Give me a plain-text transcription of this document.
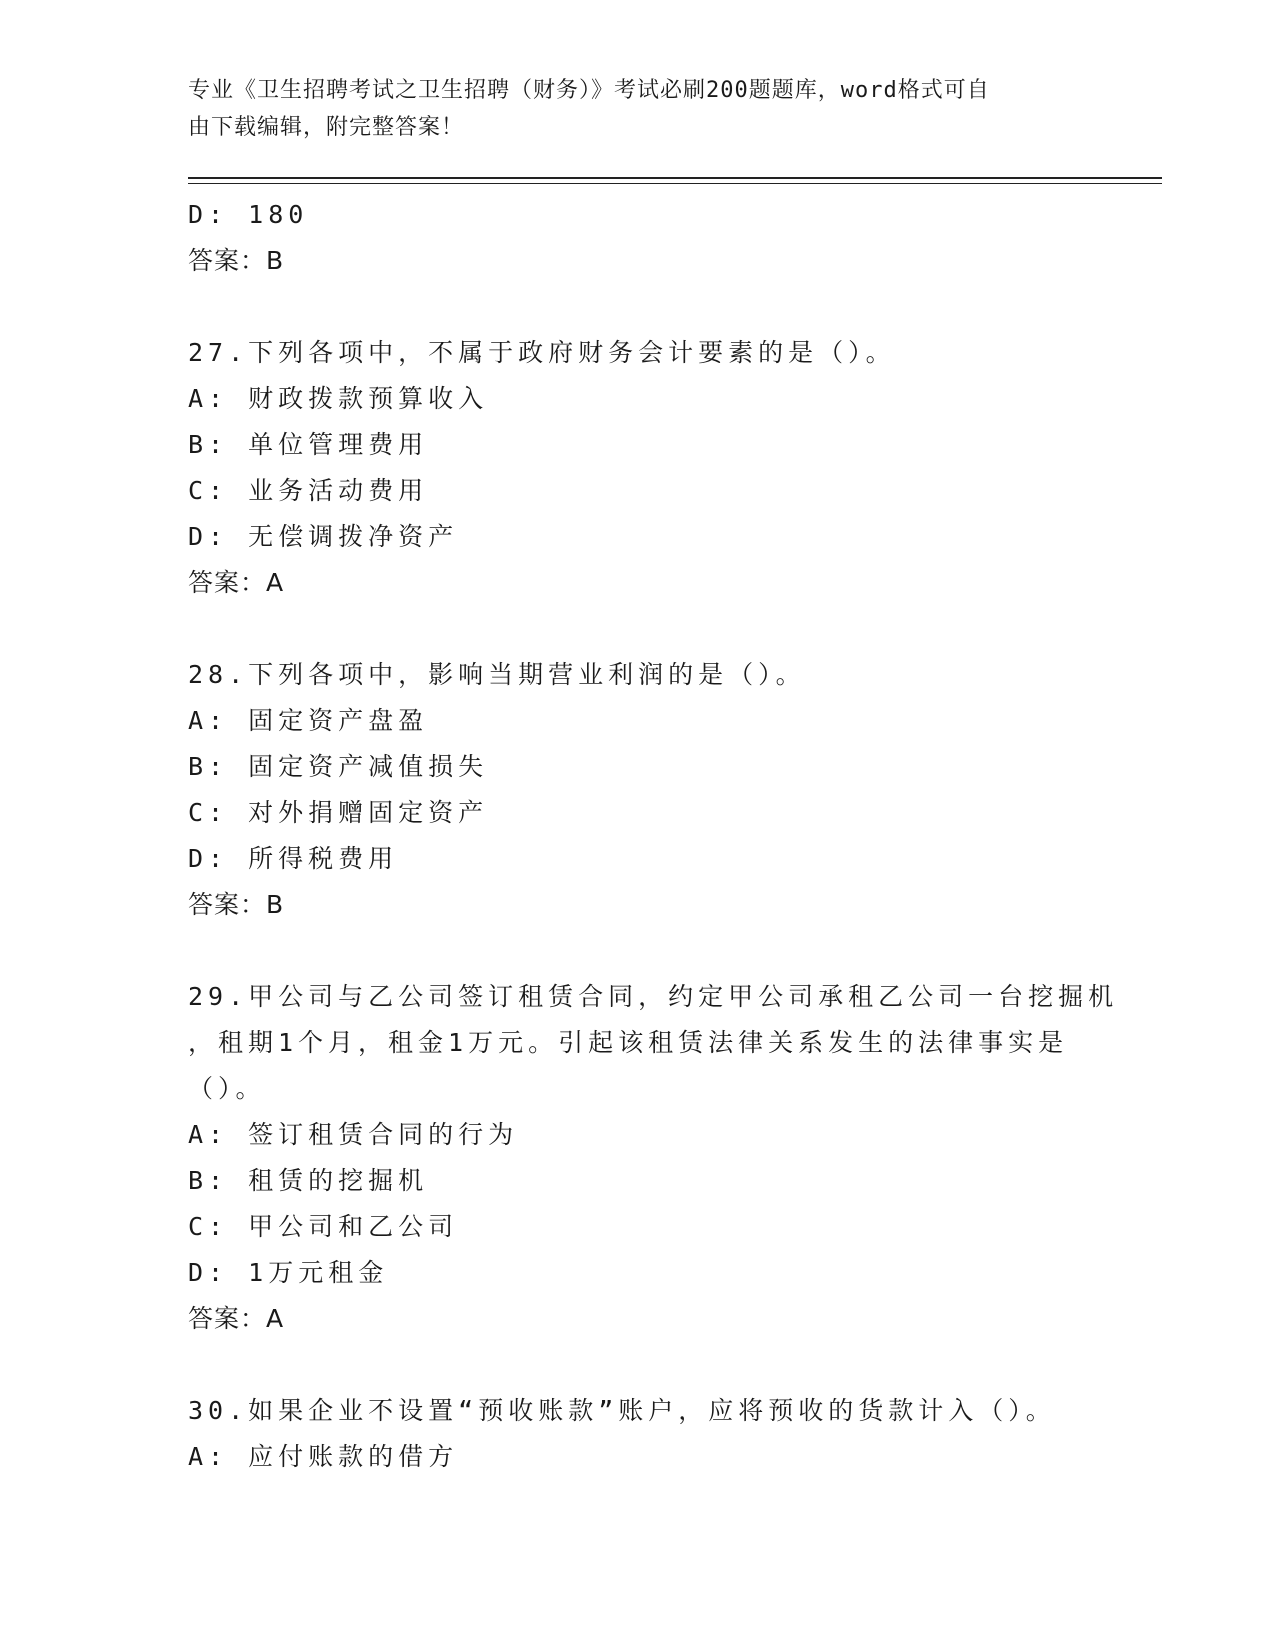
专业《卫生招聘考试之卫生招聘（财务）》考试必刷200题题库，word格式可自
由下载编辑，附完整答案！
D: 180
答案：B
27.下列各项中，不属于政府财务会计要素的是（）。
A: 财政拨款预算收入
B: 单位管理费用
C: 业务活动费用
D: 无偿调拨净资产
答案：A
28.下列各项中，影响当期营业利润的是（）。
A: 固定资产盘盈
B: 固定资产减值损失
C: 对外捐赠固定资产
D: 所得税费用
答案：B
29.甲公司与乙公司签订租赁合同，约定甲公司承租乙公司一台挖掘机
，租期1个月，租金1万元。引起该租赁法律关系发生的法律事实是
（）。
A: 签订租赁合同的行为
B: 租赁的挖掘机
C: 甲公司和乙公司
D: 1万元租金
答案：A
30.如果企业不设置“预收账款”账户，应将预收的货款计入（）。
A: 应付账款的借方
